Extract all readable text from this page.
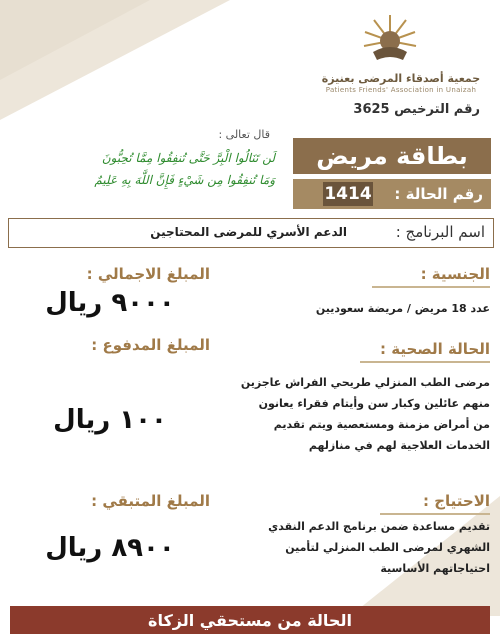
جمعية أصدقاء المرضى بعنيزة
Patients Friends' Association in Unaizah
رقم الترخيص 3625
قال تعالى :
لَن تَنَالُوا الْبِرَّ حَتَّى تُنفِقُوا مِمَّا تُحِبُّونَ
وَمَا تُنفِقُوا مِن شَيْءٍ فَإِنَّ اللَّهَ بِهِ عَلِيمٌ
بطاقة مريض
رقم الحالة :
1414
اسم البرنامج :
الدعم الأسري للمرضى المحتاجين
الجنسية :
عدد 18 مريض / مريضة سعوديين
الحالة الصحية :
مرضى الطب المنزلي طريحي الفراش عاجزين
منهم عائلين وكبار سن وأيتام فقراء يعانون
من أمراض مزمنة ومستعصية ويتم تقديم
الخدمات العلاجية لهم في منازلهم
الاحتياج :
تقديم مساعدة ضمن برنامج الدعم النقدي
الشهري لمرضى الطب المنزلي لتأمين
احتياجاتهم الأساسية
المبلغ الاجمالي :
٩٠٠٠ ريال
المبلغ المدفوع :
١٠٠ ريال
المبلغ المتبقي :
٨٩٠٠ ريال
الحالة من مستحقي الزكاة
